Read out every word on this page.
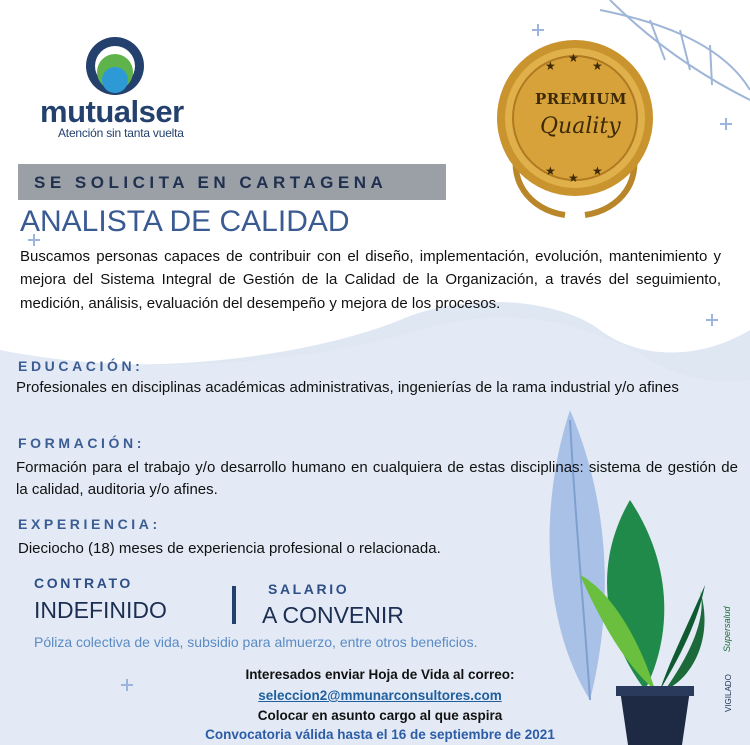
★
★
★
★ ★ ★
mutualser
Atención sin tanta vuelta
PREMIUM
Quality
SE SOLICITA EN CARTAGENA
ANALISTA DE CALIDAD
Buscamos personas capaces de contribuir con el diseño, implementación, evolución, mantenimiento y mejora del Sistema Integral de Gestión de la Calidad de la Organización, a través del seguimiento, medición, análisis, evaluación del desempeño y mejora de los procesos.
EDUCACIÓN:
Profesionales en disciplinas académicas administrativas, ingenierías de la rama industrial y/o afines
FORMACIÓN:
Formación para el trabajo y/o desarrollo humano en cualquiera de estas disciplinas: sistema de gestión de la calidad, auditoria y/o afines.
EXPERIENCIA:
Dieciocho (18) meses de experiencia profesional o relacionada.
CONTRATO
INDEFINIDO
SALARIO
A CONVENIR
Póliza colectiva de vida, subsidio para almuerzo, entre otros beneficios.
Interesados enviar Hoja de Vida al correo:
seleccion2@mmunarconsultores.com
Colocar en asunto cargo al que aspira
Convocatoria válida hasta el 16 de septiembre de 2021
VIGILADO
Supersalud
